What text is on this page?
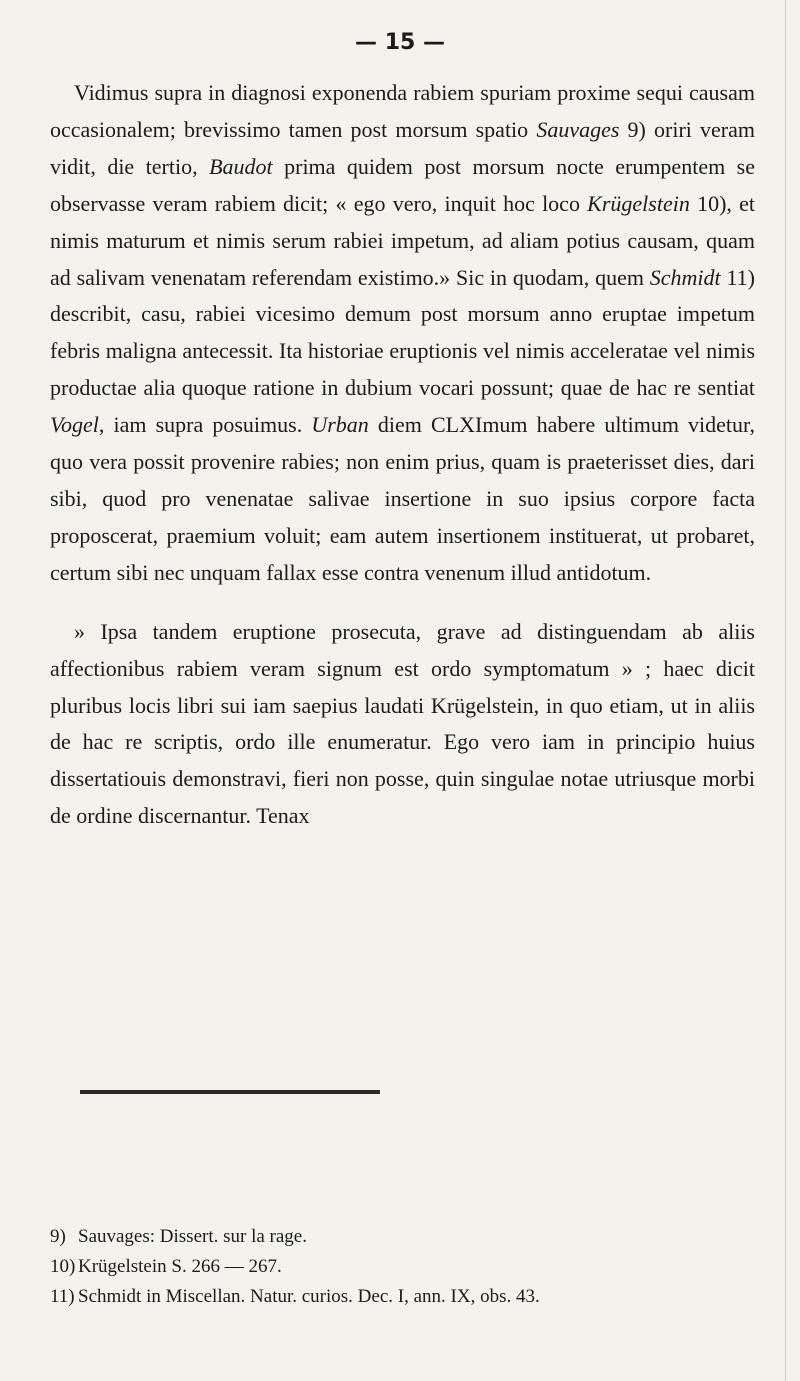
— 15 —

Vidimus supra in diagnosi exponenda rabiem spuriam proxime sequi causam occasionalem; brevissimo tamen post morsum spatio Sauvages 9) oriri veram vidit, die tertio, Baudot prima quidem post morsum nocte erumpentem se observasse veram rabiem dicit; « ego vero, inquit hoc loco Krügelstein 10), et nimis maturum et nimis serum rabiei impetum, ad aliam potius causam, quam ad salivam venenatam referendam existimo.» Sic in quodam, quem Schmidt 11) describit, casu, rabiei vicesimo demum post morsum anno eruptae impetum febris maligna antecessit. Ita historiae eruptionis vel nimis acceleratae vel nimis productae alia quoque ratione in dubium vocari possunt; quae de hac re sentiat Vogel, iam supra posuimus. Urban diem CLXImum habere ultimum videtur, quo vera possit provenire rabies; non enim prius, quam is praeterisset dies, dari sibi, quod pro venenatae salivae insertione in suo ipsius corpore facta proposcerat, praemium voluit; eam autem insertionem instituerat, ut probaret, certum sibi nec unquam fallax esse contra venenum illud antidotum.

» Ipsa tandem eruptione prosecuta, grave ad distinguendam ab aliis affectionibus rabiem veram signum est ordo symptomatum » ; haec dicit pluribus locis libri sui iam saepius laudati Krügelstein, in quo etiam, ut in aliis de hac re scriptis, ordo ille enumeratur. Ego vero iam in principio huius dissertatiouis demonstravi, fieri non posse, quin singulae notae utriusque morbi de ordine discernantur. Tenax

9) Sauvages: Dissert. sur la rage.
10) Krügelstein S. 266 — 267.
11) Schmidt in Miscellan. Natur. curios. Dec. I, ann. IX, obs. 43.
